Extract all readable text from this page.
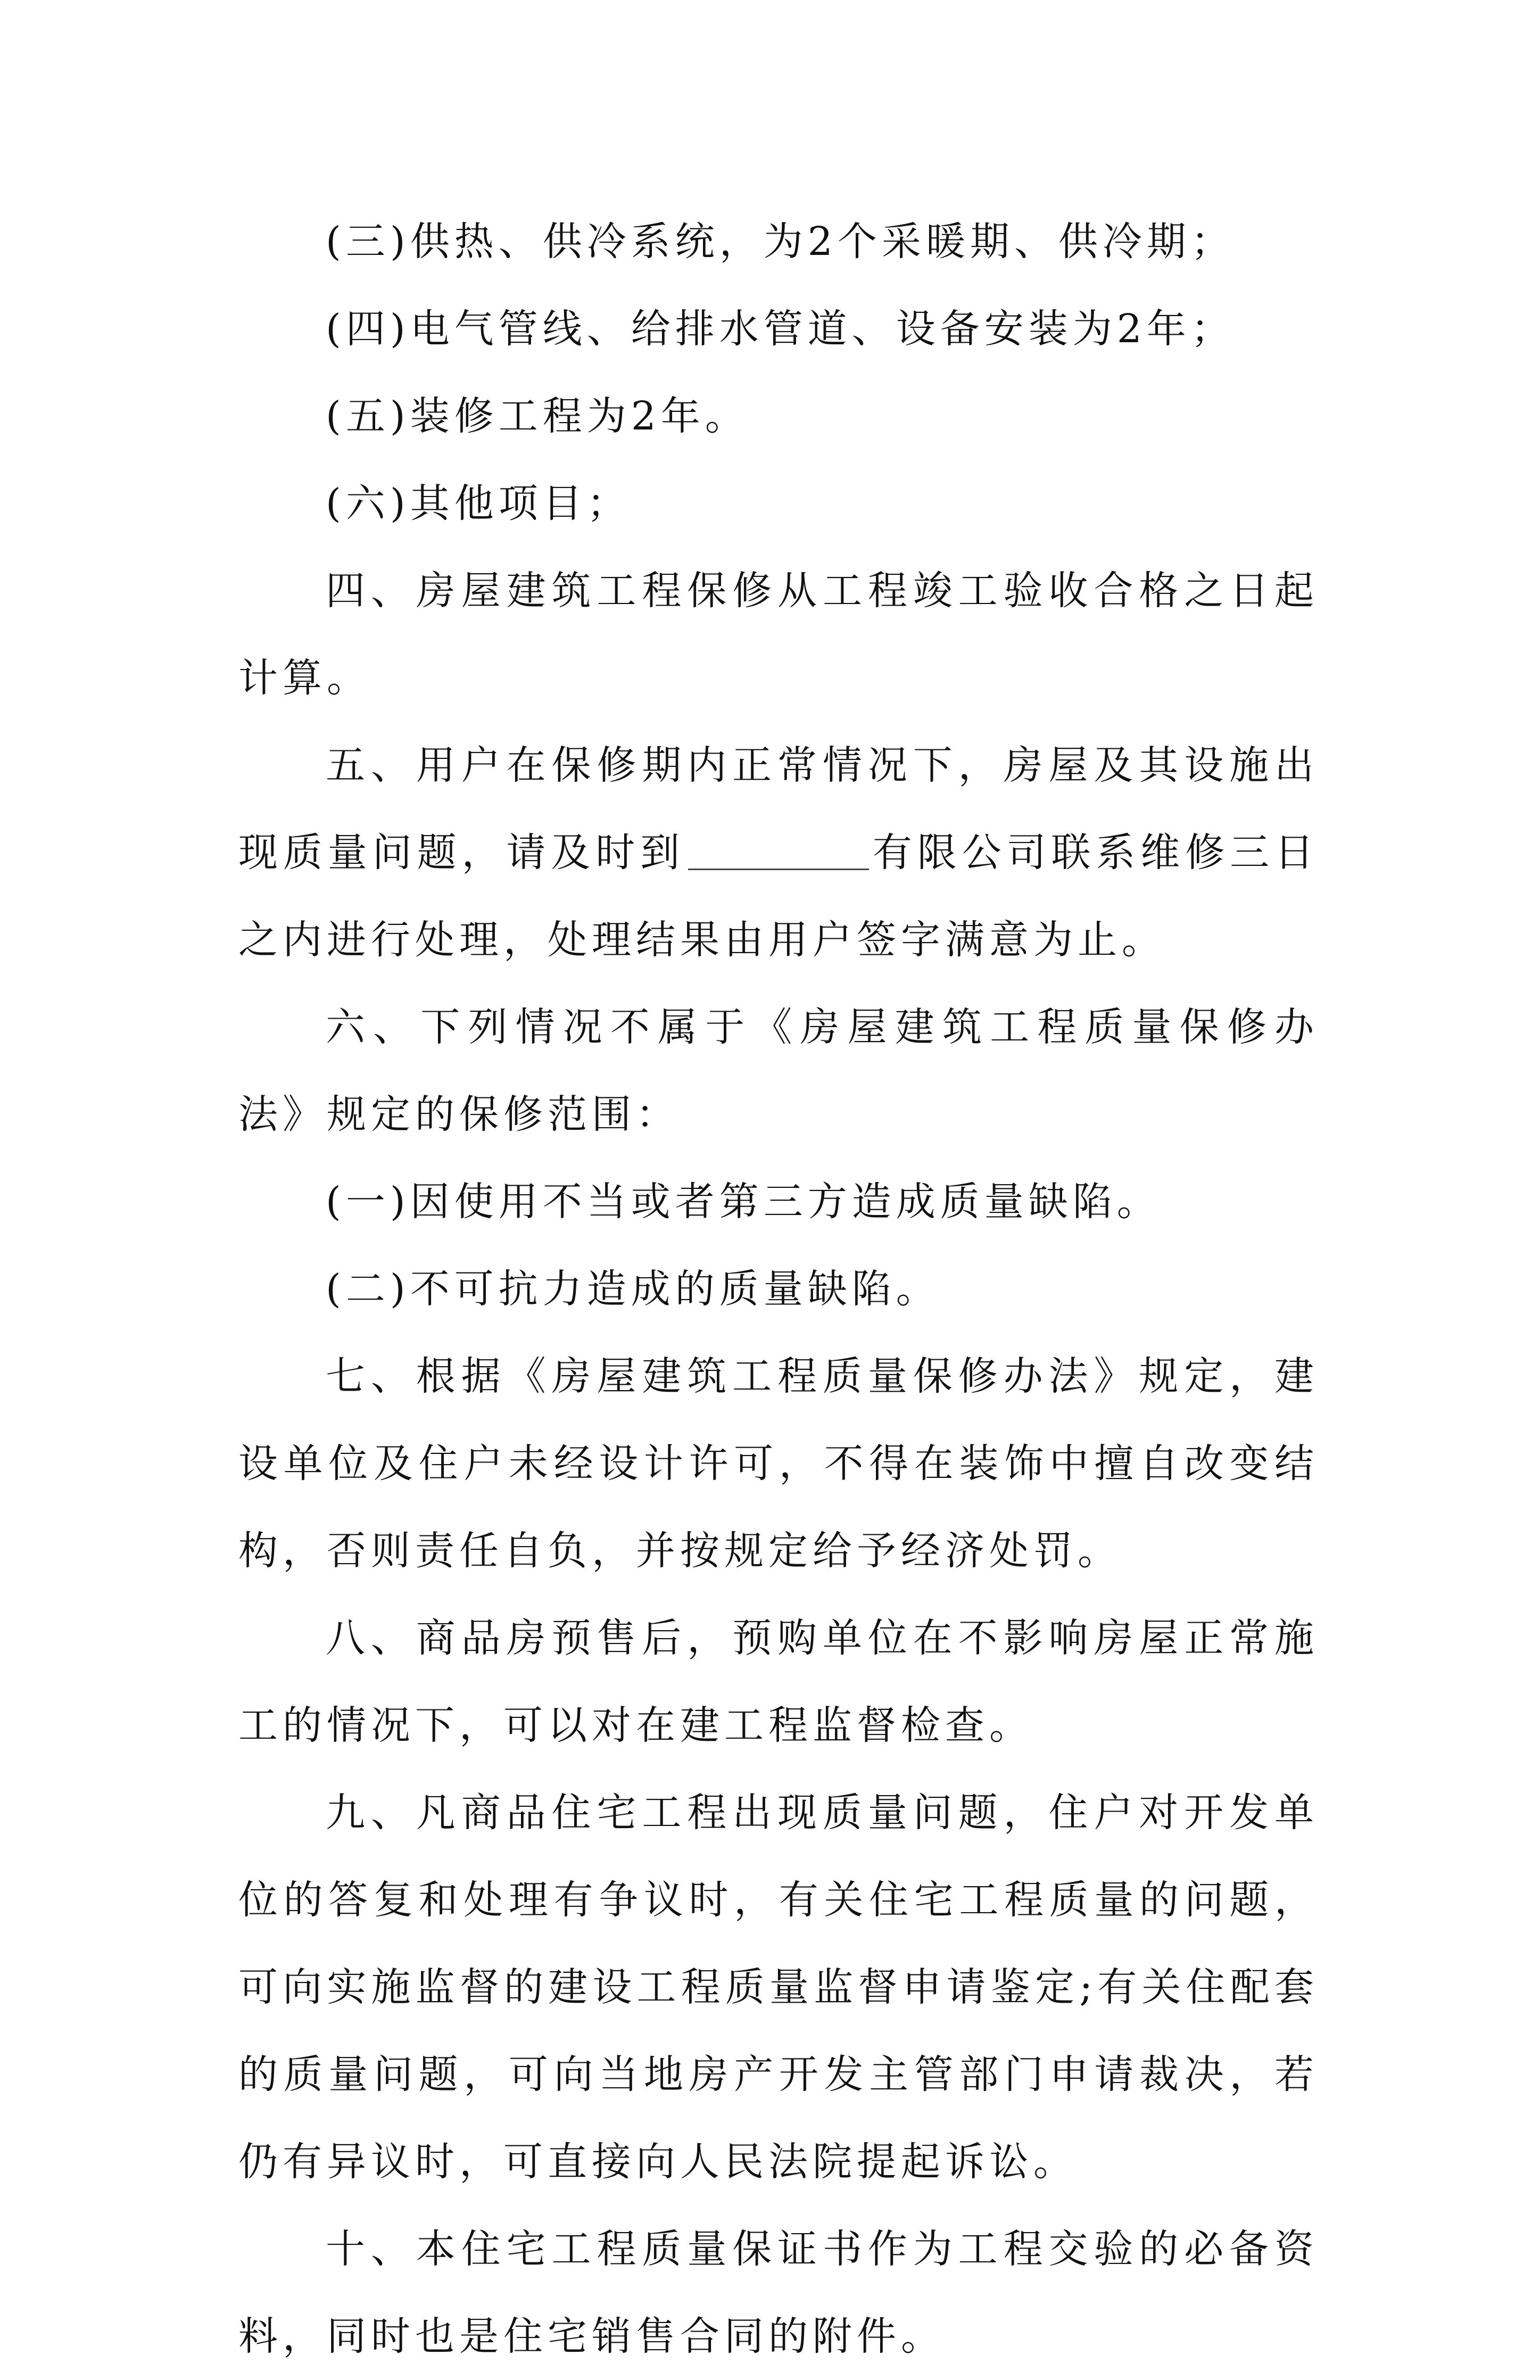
(三)供热、供冷系统，为2个采暖期、供冷期；

(四)电气管线、给排水管道、设备安装为2年；

(五)装修工程为2年。

(六)其他项目；

四、房屋建筑工程保修从工程竣工验收合格之日起计算。

五、用户在保修期内正常情况下，房屋及其设施出现质量问题，请及时到	有限公司联系维修三日之内进行处理，处理结果由用户签字满意为止。

六、下列情况不属于《房屋建筑工程质量保修办法》规定的保修范围：

(一)因使用不当或者第三方造成质量缺陷。

(二)不可抗力造成的质量缺陷。

七、根据《房屋建筑工程质量保修办法》规定，建设单位及住户未经设计许可，不得在装饰中擅自改变结构，否则责任自负，并按规定给予经济处罚。

八、商品房预售后，预购单位在不影响房屋正常施工的情况下，可以对在建工程监督检查。

九、凡商品住宅工程出现质量问题，住户对开发单位的答复和处理有争议时，有关住宅工程质量的问题，可向实施监督的建设工程质量监督申请鉴定;有关住配套的质量问题，可向当地房产开发主管部门申请裁决，若仍有异议时，可直接向人民法院提起诉讼。

十、本住宅工程质量保证书作为工程交验的必备资料，同时也是住宅销售合同的附件。
